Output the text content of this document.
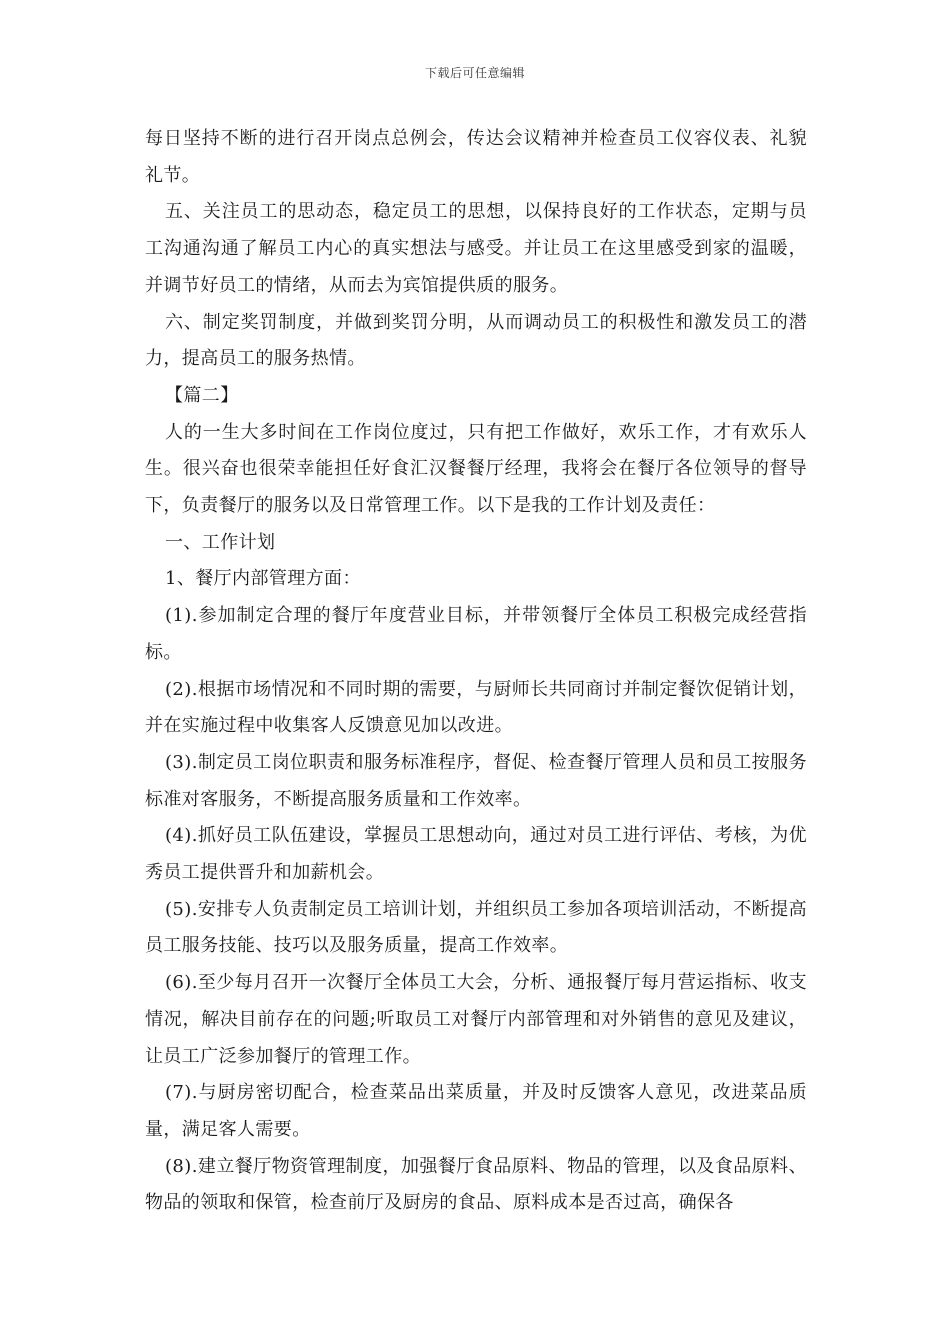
下载后可任意编辑

每日坚持不断的进行召开岗点总例会，传达会议精神并检查员工仪容仪表、礼貌礼节。

五、关注员工的思动态，稳定员工的思想，以保持良好的工作状态，定期与员工沟通沟通了解员工内心的真实想法与感受。并让员工在这里感受到家的温暖，并调节好员工的情绪，从而去为宾馆提供质的服务。

六、制定奖罚制度，并做到奖罚分明，从而调动员工的积极性和激发员工的潜力，提高员工的服务热情。

【篇二】

人的一生大多时间在工作岗位度过，只有把工作做好，欢乐工作，才有欢乐人生。很兴奋也很荣幸能担任好食汇汉餐餐厅经理，我将会在餐厅各位领导的督导下，负责餐厅的服务以及日常管理工作。以下是我的工作计划及责任：

一、工作计划

1、餐厅内部管理方面：

(1).参加制定合理的餐厅年度营业目标，并带领餐厅全体员工积极完成经营指标。

(2).根据市场情况和不同时期的需要，与厨师长共同商讨并制定餐饮促销计划，并在实施过程中收集客人反馈意见加以改进。

(3).制定员工岗位职责和服务标准程序，督促、检查餐厅管理人员和员工按服务标准对客服务，不断提高服务质量和工作效率。

(4).抓好员工队伍建设，掌握员工思想动向，通过对员工进行评估、考核，为优秀员工提供晋升和加薪机会。

(5).安排专人负责制定员工培训计划，并组织员工参加各项培训活动，不断提高员工服务技能、技巧以及服务质量，提高工作效率。

(6).至少每月召开一次餐厅全体员工大会，分析、通报餐厅每月营运指标、收支情况，解决目前存在的问题;听取员工对餐厅内部管理和对外销售的意见及建议，让员工广泛参加餐厅的管理工作。

(7).与厨房密切配合，检查菜品出菜质量，并及时反馈客人意见，改进菜品质量，满足客人需要。

(8).建立餐厅物资管理制度，加强餐厅食品原料、物品的管理，以及食品原料、物品的领取和保管，检查前厅及厨房的食品、原料成本是否过高，确保各
